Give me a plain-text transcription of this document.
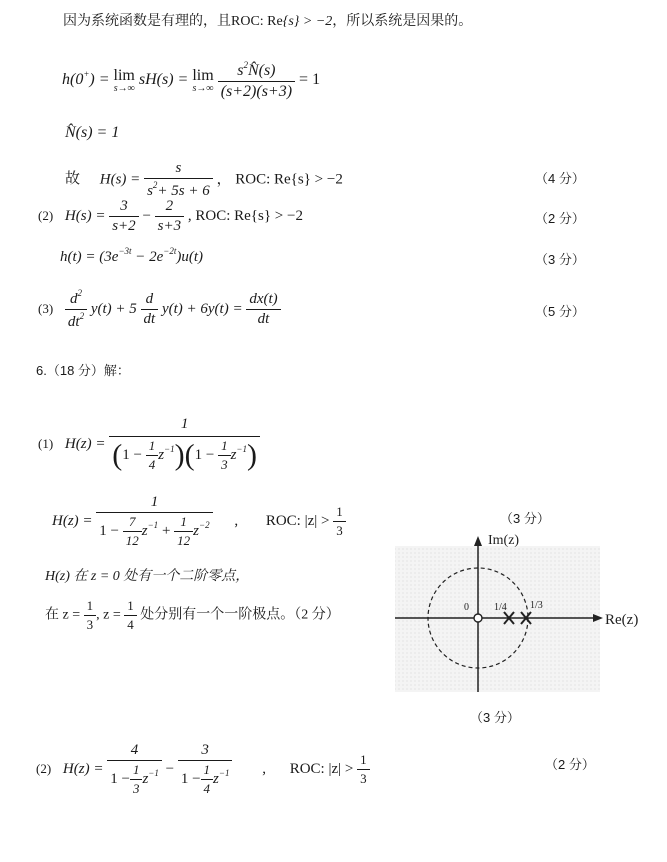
因为系统函数是有理的，且ROC: Re{s} > −2，所以系统是因果的。
h(0+) = lim
s→∞ sH(s) = lim
s→∞
$\frac{s^2N̂(s)}{(s+2)(s+3)} = 1$
N̂(s) = 1
故 $H(s) = \frac{s}{s^2+ 5s + 6}$ ， ROC: Re{s} > −2	（4 分）
(2) $H(s) = \frac{3}{s+2} - \frac{2}{s+3}$ , ROC: Re{s} > −2	（2 分）
$h(t) = (3e^{-3t} - 2e^{-2t})u(t)$	（3 分）
$(3) \frac{d^2}{dt^2} y(t) + 5 \frac{d}{dt} y(t) + 6y(t) = \frac{dx(t)}{dt}$	（5 分）
6.（18 分）解：
(1) $H(z) = \frac{1}{(1 - \frac{1}{4} z^{-1})(1 - \frac{1}{3} z^{-1})}$
$H(z) = \frac{1}{1 - \frac{7}{12} z^{-1} + \frac{1}{12} z^{-2}}$ , ROC: $|z| > \frac{1}{3}$	（3 分）
H(z) 在 z = 0 处有一个二阶零点，
在 $z = \frac{1}{3}$ , $z = \frac{1}{4}$ 处分别有一个一阶极点。（2 分）
Im(z)
Re(z)
0	1/4 1/3
（3 分）
(2) $H(z) = \frac{4}{1 - \frac{1}{3} z^{-1}} - \frac{3}{1 - \frac{1}{4} z^{-1}}$ , ROC: $|z| > \frac{1}{3}$	（2 分）
